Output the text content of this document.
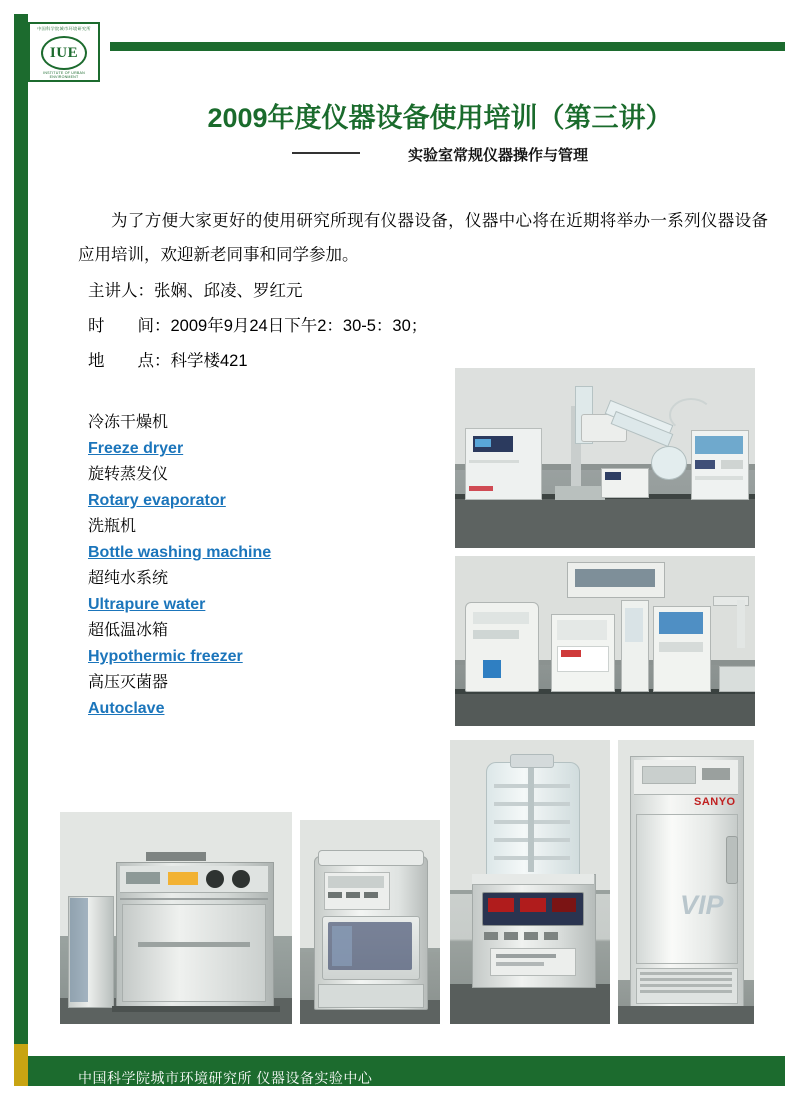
中国科学院城市环境研究所
IUE
INSTITUTE OF URBAN ENVIRONMENT
2009年度仪器设备使用培训（第三讲）
实验室常规仪器操作与管理
为了方便大家更好的使用研究所现有仪器设备，仪器中心将在近期将举办一系列仪器设备应用培训，欢迎新老同事和同学参加。
主讲人：张娴、邱凌、罗红元
时　　间：2009年9月24日下午2：30-5：30；
地　　点：科学楼421
冷冻干燥机
Freeze dryer
旋转蒸发仪
Rotary evaporator
洗瓶机
Bottle washing machine
超纯水系统
Ultrapure water
超低温冰箱
Hypothermic freezer
高压灭菌器
Autoclave
SANYO
VIP
中国科学院城市环境研究所 仪器设备实验中心
